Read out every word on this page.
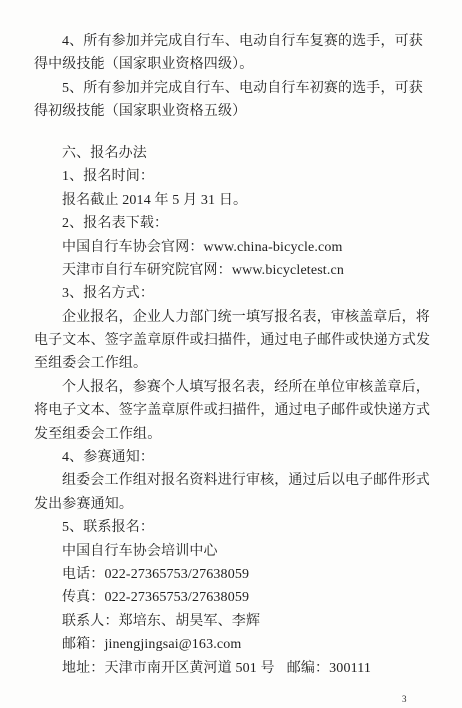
4、所有参加并完成自行车、电动自行车复赛的选手，可获
得中级技能（国家职业资格四级）。
5、所有参加并完成自行车、电动自行车初赛的选手，可获
得初级技能（国家职业资格五级）
六、报名办法
1、报名时间：
报名截止 2014 年 5 月 31 日。
2、报名表下载：
中国自行车协会官网：www.china-bicycle.com
天津市自行车研究院官网：www.bicycletest.cn
3、报名方式：
企业报名，企业人力部门统一填写报名表，审核盖章后，将
电子文本、签字盖章原件或扫描件，通过电子邮件或快递方式发
至组委会工作组。
个人报名，参赛个人填写报名表，经所在单位审核盖章后，
将电子文本、签字盖章原件或扫描件，通过电子邮件或快递方式
发至组委会工作组。
4、参赛通知：
组委会工作组对报名资料进行审核，通过后以电子邮件形式
发出参赛通知。
5、联系报名：
中国自行车协会培训中心
电话：022-27365753/27638059
传真：022-27365753/27638059
联系人：郑培东、胡昊军、李辉
邮箱：jinengjingsai@163.com
地址：天津市南开区黄河道 501 号 邮编：300111
3
